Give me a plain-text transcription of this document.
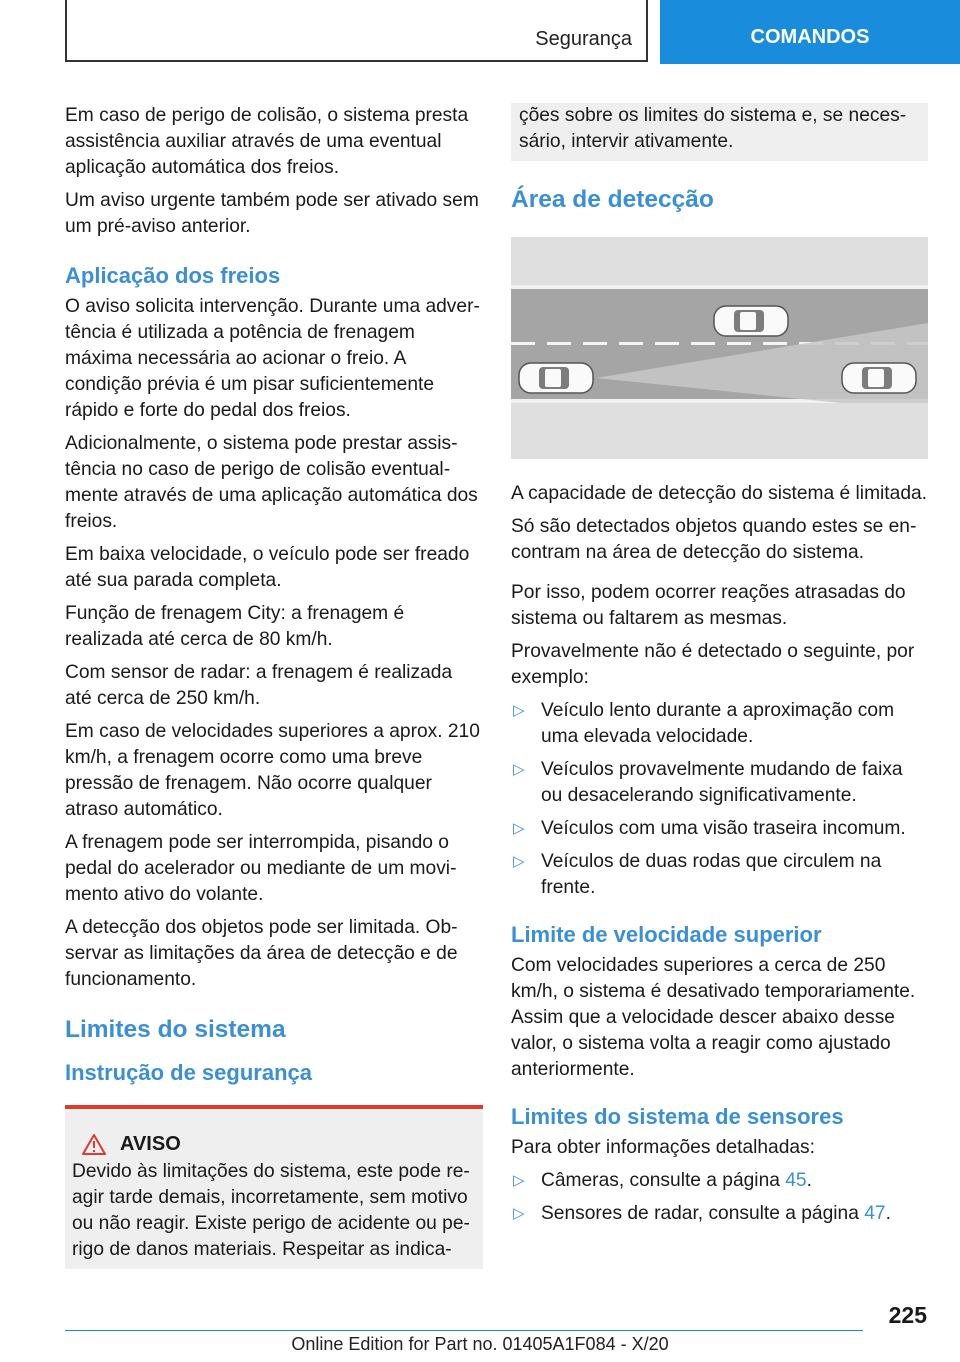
Segurança	COMANDOS

Em caso de perigo de colisão, o sistema presta assistência auxiliar através de uma eventual aplicação automática dos freios.

Um aviso urgente também pode ser ativado sem um pré-aviso anterior.

Aplicação dos freios

O aviso solicita intervenção. Durante uma advertência é utilizada a potência de frenagem máxima necessária ao acionar o freio. A condição prévia é um pisar suficientemente rápido e forte do pedal dos freios.

Adicionalmente, o sistema pode prestar assistência no caso de perigo de colisão eventualmente através de uma aplicação automática dos freios.

Em baixa velocidade, o veículo pode ser freado até sua parada completa.

Função de frenagem City: a frenagem é realizada até cerca de 80 km/h.

Com sensor de radar: a frenagem é realizada até cerca de 250 km/h.

Em caso de velocidades superiores a aprox. 210 km/h, a frenagem ocorre como uma breve pressão de frenagem. Não ocorre qualquer atraso automático.

A frenagem pode ser interrompida, pisando o pedal do acelerador ou mediante de um movimento ativo do volante.

A detecção dos objetos pode ser limitada. Observar as limitações da área de detecção e de funcionamento.

Limites do sistema
Instrução de segurança
AVISO

Devido às limitações do sistema, este pode reagir tarde demais, incorretamente, sem motivo ou não reagir. Existe perigo de acidente ou perigo de danos materiais. Respeitar as indica-

ções sobre os limites do sistema e, se necessário, intervir ativamente.

Área de detecção

A capacidade de detecção do sistema é limitada.

Só são detectados objetos quando estes se encontram na área de detecção do sistema.

Por isso, podem ocorrer reações atrasadas do sistema ou faltarem as mesmas.

Provavelmente não é detectado o seguinte, por exemplo:

▷ Veículo lento durante a aproximação com uma elevada velocidade.
▷ Veículos provavelmente mudando de faixa ou desacelerando significativamente.
▷ Veículos com uma visão traseira incomum.
▷ Veículos de duas rodas que circulem na frente.
Limite de velocidade superior

Com velocidades superiores a cerca de 250 km/h, o sistema é desativado temporariamente. Assim que a velocidade descer abaixo desse valor, o sistema volta a reagir como ajustado anteriormente.

Limites do sistema de sensores

Para obter informações detalhadas:

▷ Câmeras, consulte a página 45.
▷ Sensores de radar, consulte a página 47.
225
Online Edition for Part no. 01405A1F084 - X/20
